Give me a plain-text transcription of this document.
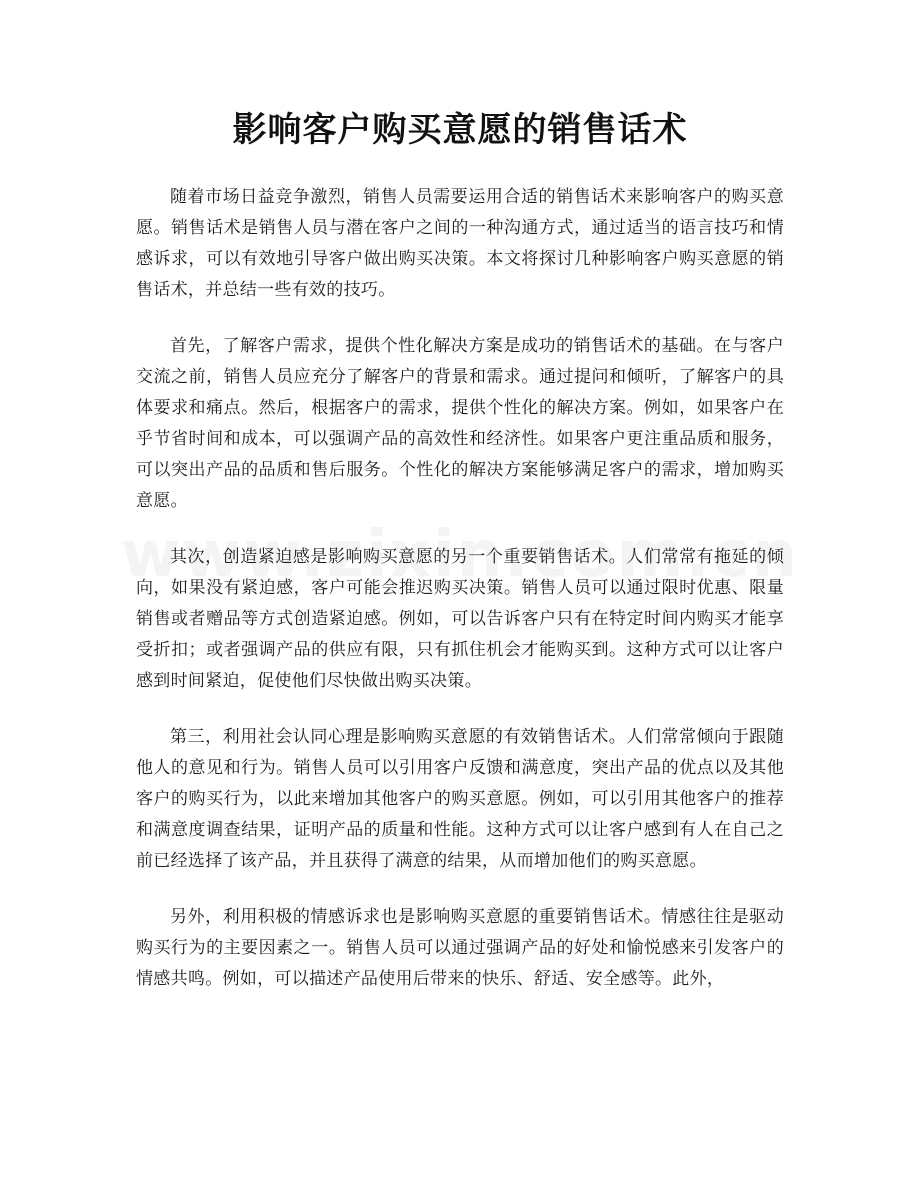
影响客户购买意愿的销售话术

随着市场日益竞争激烈，销售人员需要运用合适的销售话术来影响客户的购买意愿。销售话术是销售人员与潜在客户之间的一种沟通方式，通过适当的语言技巧和情感诉求，可以有效地引导客户做出购买决策。本文将探讨几种影响客户购买意愿的销售话术，并总结一些有效的技巧。

首先，了解客户需求，提供个性化解决方案是成功的销售话术的基础。在与客户交流之前，销售人员应充分了解客户的背景和需求。通过提问和倾听，了解客户的具体要求和痛点。然后，根据客户的需求，提供个性化的解决方案。例如，如果客户在乎节省时间和成本，可以强调产品的高效性和经济性。如果客户更注重品质和服务，可以突出产品的品质和售后服务。个性化的解决方案能够满足客户的需求，增加购买意愿。

其次，创造紧迫感是影响购买意愿的另一个重要销售话术。人们常常有拖延的倾向，如果没有紧迫感，客户可能会推迟购买决策。销售人员可以通过限时优惠、限量销售或者赠品等方式创造紧迫感。例如，可以告诉客户只有在特定时间内购买才能享受折扣；或者强调产品的供应有限，只有抓住机会才能购买到。这种方式可以让客户感到时间紧迫，促使他们尽快做出购买决策。

第三，利用社会认同心理是影响购买意愿的有效销售话术。人们常常倾向于跟随他人的意见和行为。销售人员可以引用客户反馈和满意度，突出产品的优点以及其他客户的购买行为，以此来增加其他客户的购买意愿。例如，可以引用其他客户的推荐和满意度调查结果，证明产品的质量和性能。这种方式可以让客户感到有人在自己之前已经选择了该产品，并且获得了满意的结果，从而增加他们的购买意愿。

另外，利用积极的情感诉求也是影响购买意愿的重要销售话术。情感往往是驱动购买行为的主要因素之一。销售人员可以通过强调产品的好处和愉悦感来引发客户的情感共鸣。例如，可以描述产品使用后带来的快乐、舒适、安全感等。此外，
